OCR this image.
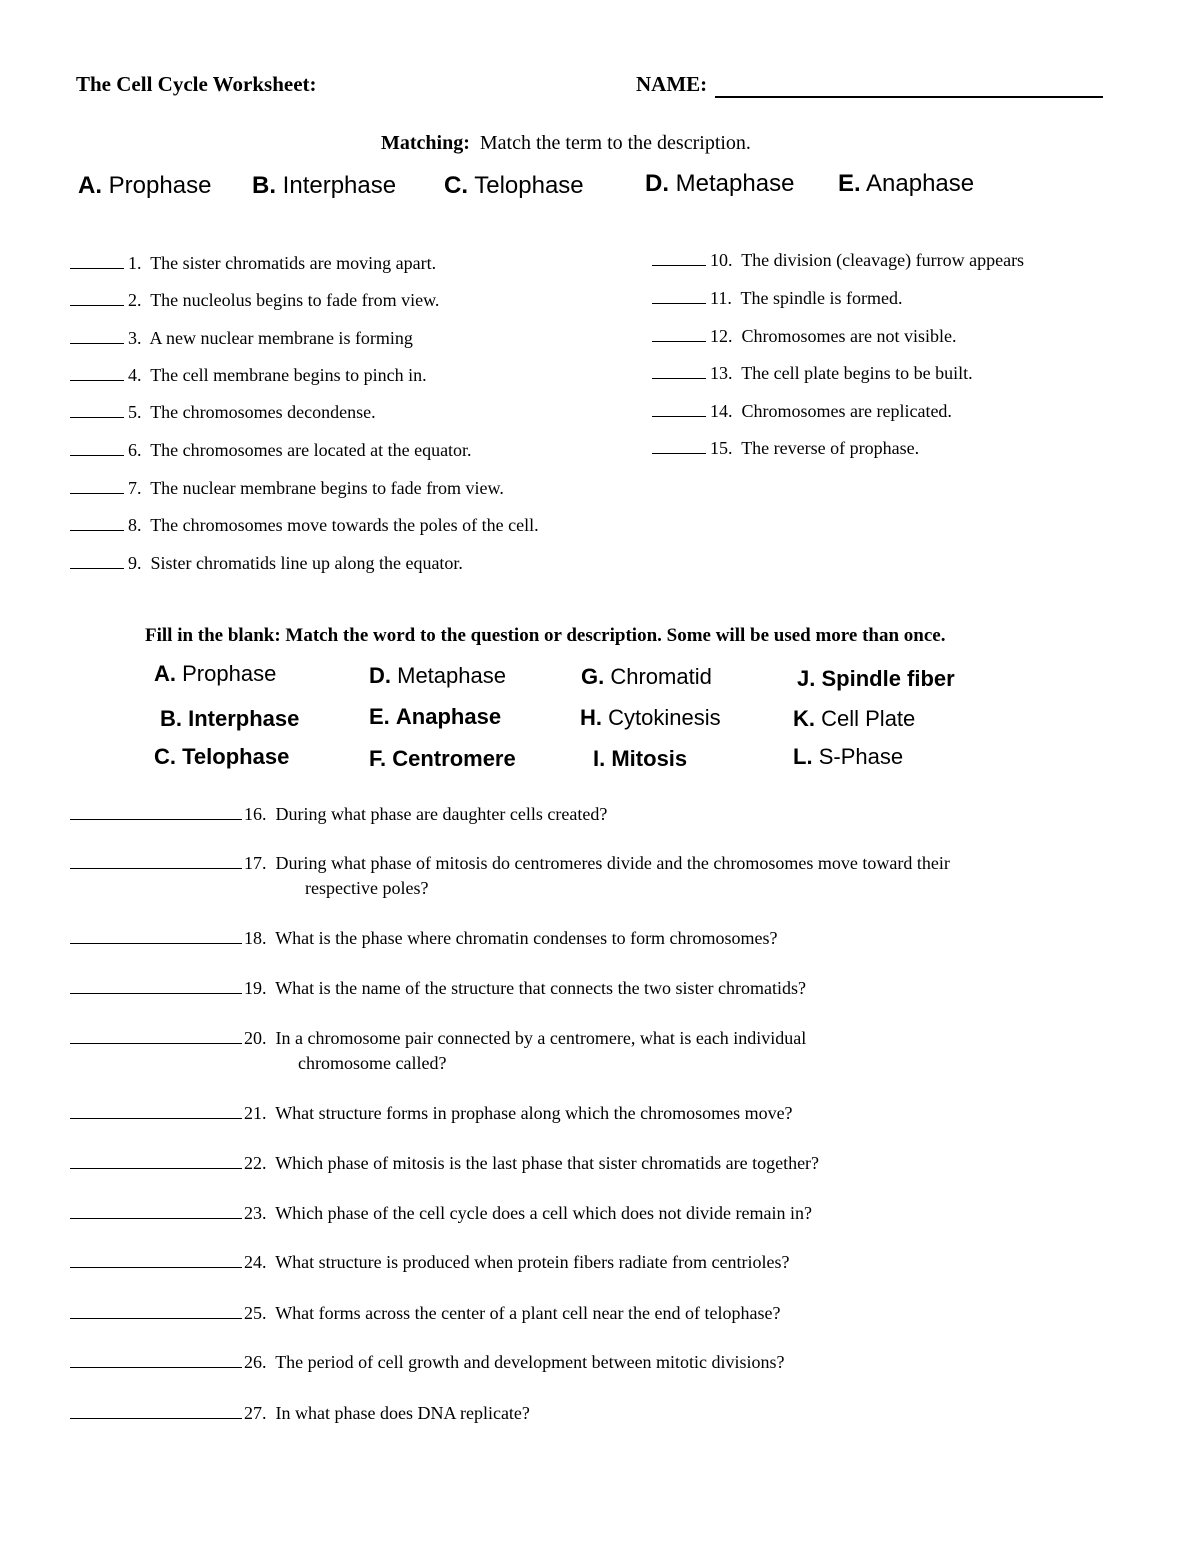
The Cell Cycle Worksheet:	NAME:
Matching: Match the term to the description.
A. Prophase B. Interphase C. Telophase	D. Metaphase E. Anaphase
1. The sister chromatids are moving apart.
2. The nucleolus begins to fade from view.
3. A new nuclear membrane is forming
4. The cell membrane begins to pinch in.
5. The chromosomes decondense.
6. The chromosomes are located at the equator.
7. The nuclear membrane begins to fade from view.
8. The chromosomes move towards the poles of the cell.
9. Sister chromatids line up along the equator.
10. The division (cleavage) furrow appears
11. The spindle is formed.
12. Chromosomes are not visible.
13. The cell plate begins to be built.
14. Chromosomes are replicated.
15. The reverse of prophase.
Fill in the blank: Match the word to the question or description. Some will be used more than once.
A. Prophase	D. Metaphase	G. Chromatid	J. Spindle fiber
B. Interphase	E. Anaphase	H. Cytokinesis	K. Cell Plate
C. Telophase	F. Centromere	I. Mitosis	L. S-Phase
16. During what phase are daughter cells created?
17. During what phase of mitosis do centromeres divide and the chromosomes move toward their
respective poles?
18. What is the phase where chromatin condenses to form chromosomes?
19. What is the name of the structure that connects the two sister chromatids?
20. In a chromosome pair connected by a centromere, what is each individual
chromosome called?
21. What structure forms in prophase along which the chromosomes move?
22. Which phase of mitosis is the last phase that sister chromatids are together?
23. Which phase of the cell cycle does a cell which does not divide remain in?
24. What structure is produced when protein fibers radiate from centrioles?
25. What forms across the center of a plant cell near the end of telophase?
26. The period of cell growth and development between mitotic divisions?
27. In what phase does DNA replicate?
